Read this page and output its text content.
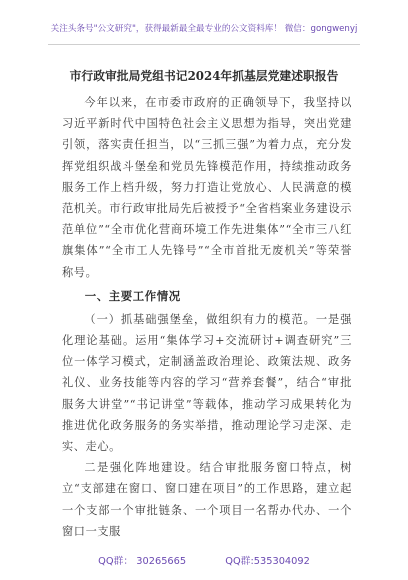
关注头条号"公文研究"，获得最新最全最专业的公文资料库！ 微信：gongwenyj
市行政审批局党组书记2024年抓基层党建述职报告

今年以来，在市委市政府的正确领导下，我坚持以习近平新时代中国特色社会主义思想为指导，突出党建引领，落实责任担当，以“三抓三强”为着力点，充分发挥党组织战斗堡垒和党员先锋模范作用，持续推动政务服务工作上档升级，努力打造让党放心、人民满意的模范机关。市行政审批局先后被授予“全省档案业务建设示范单位”“全市优化营商环境工作先进集体”“全市三八红旗集体”“全市工人先锋号”“全市首批无废机关”等荣誉称号。

一、主要工作情况

（一）抓基础强堡垒，做组织有力的模范。一是强化理论基础。运用“集体学习+交流研讨+调查研究”三位一体学习模式，定制涵盖政治理论、政策法规、政务礼仪、业务技能等内容的学习“营养套餐”，结合“审批服务大讲堂”“书记讲堂”等载体，推动学习成果转化为推进优化政务服务的务实举措，推动理论学习走深、走实、走心。

二是强化阵地建设。结合审批服务窗口特点，树立“支部建在窗口、窗口建在项目”的工作思路，建立起一个支部一个审批链条、一个项目一名帮办代办、一个窗口一支服

QQ群： 30265665	QQ群:535304092
